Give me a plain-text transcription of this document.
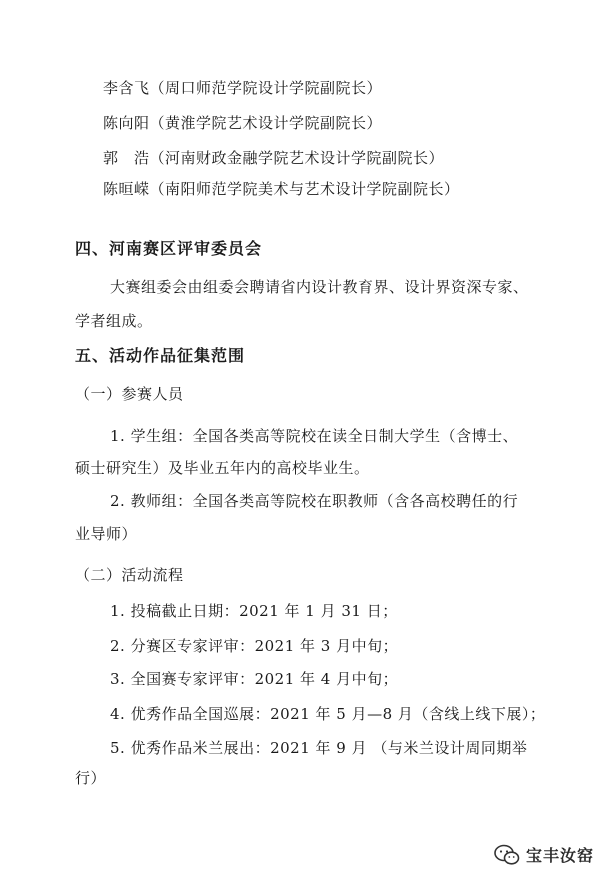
李含飞（周口师范学院设计学院副院长）
陈向阳（黄淮学院艺术设计学院副院长）
郭　浩（河南财政金融学院艺术设计学院副院长）
陈晅嵘（南阳师范学院美术与艺术设计学院副院长）
四、河南赛区评审委员会
大赛组委会由组委会聘请省内设计教育界、设计界资深专家、
学者组成。
五、活动作品征集范围
（一）参赛人员
1. 学生组：全国各类高等院校在读全日制大学生（含博士、
硕士研究生）及毕业五年内的高校毕业生。
2. 教师组：全国各类高等院校在职教师（含各高校聘任的行
业导师）
（二）活动流程
1. 投稿截止日期：2021 年 1 月 31 日；
2. 分赛区专家评审：2021 年 3 月中旬；
3. 全国赛专家评审：2021 年 4 月中旬；
4. 优秀作品全国巡展：2021 年 5 月—8 月（含线上线下展）；
5. 优秀作品米兰展出：2021 年 9 月 （与米兰设计周同期举
行）
宝丰汝窑
